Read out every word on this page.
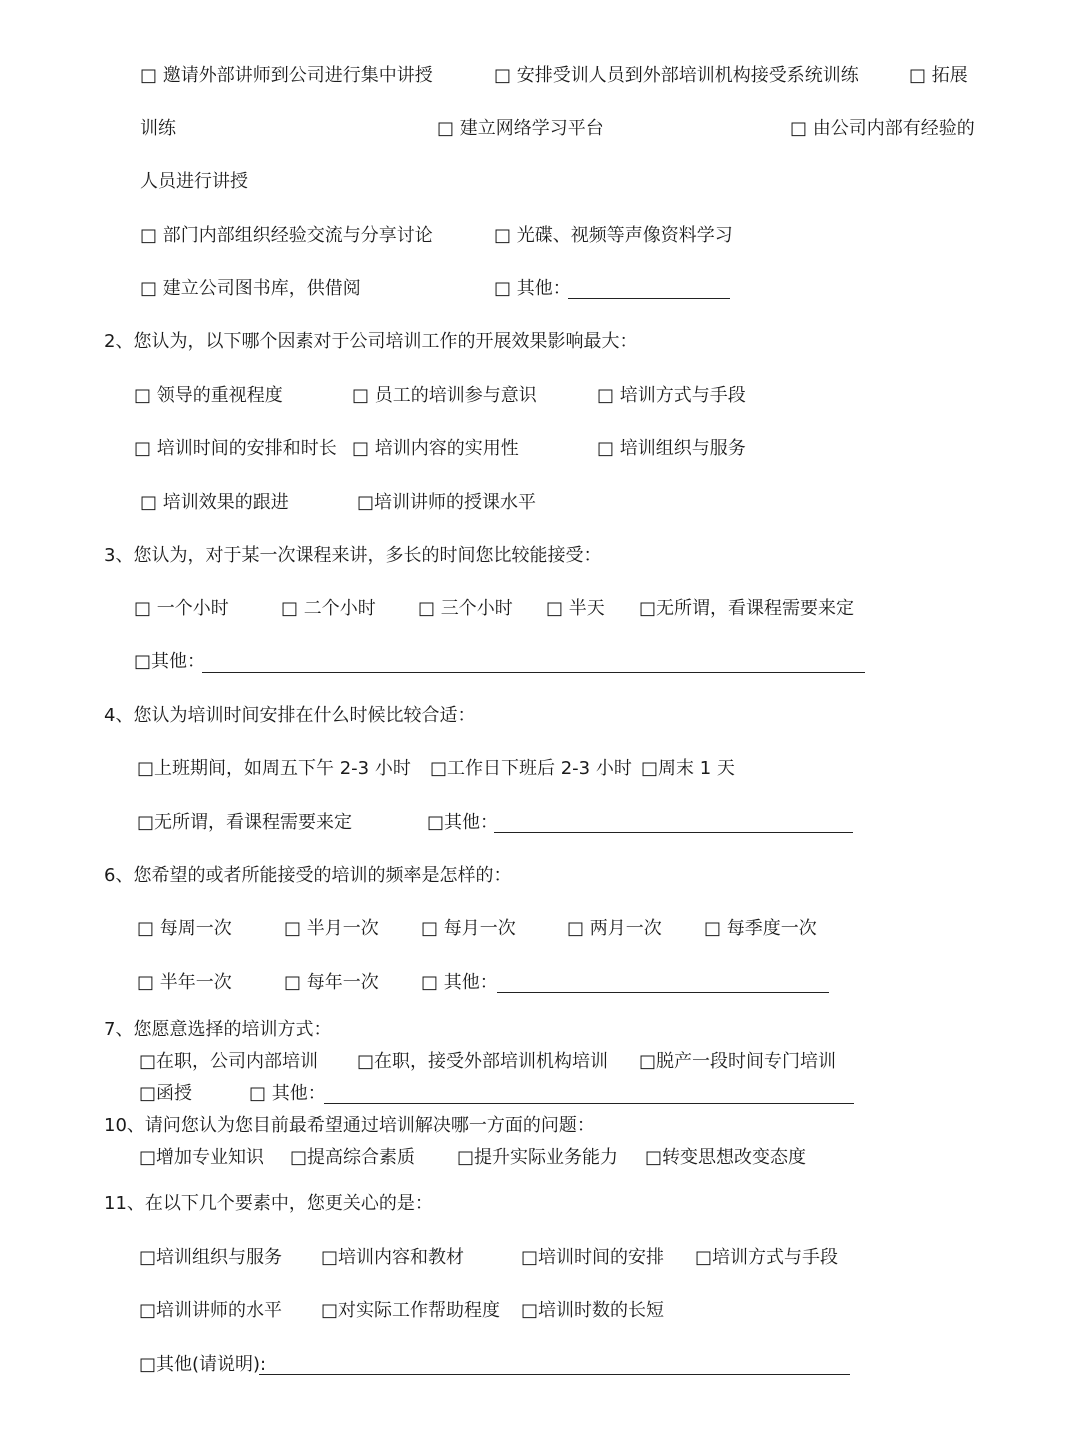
□ 邀请外部讲师到公司进行集中讲授	□ 安排受训人员到外部培训机构接受系统训练	□ 拓展
训练	□ 建立网络学习平台	□ 由公司内部有经验的
人员进行讲授
□ 部门内部组织经验交流与分享讨论	□ 光碟、视频等声像资料学习
□ 建立公司图书库，供借阅	□ 其他：
2、您认为，以下哪个因素对于公司培训工作的开展效果影响最大：
□ 领导的重视程度	□ 员工的培训参与意识	□ 培训方式与手段
□ 培训时间的安排和时长 □ 培训内容的实用性	□ 培训组织与服务
□ 培训效果的跟进	□培训讲师的授课水平
3、您认为，对于某一次课程来讲，多长的时间您比较能接受：
□ 一个小时	□ 二个小时 □ 三个小时 □ 半天 □无所谓，看课程需要来定
□其他：
4、您认为培训时间安排在什么时候比较合适：
□上班期间，如周五下午 2-3 小时 □工作日下班后 2-3 小时 □周末 1 天
□无所谓，看课程需要来定	□其他：
6、您希望的或者所能接受的培训的频率是怎样的：
□ 每周一次	□ 半月一次 □ 每月一次	□ 两月一次 □ 每季度一次
□ 半年一次	□ 每年一次 □ 其他：
7、您愿意选择的培训方式：
□在职，公司内部培训 □在职，接受外部培训机构培训 □脱产一段时间专门培训
□函授	□ 其他：
10、请问您认为您目前最希望通过培训解决哪一方面的问题：
□增加专业知识 □提高综合素质 □提升实际业务能力 □转变思想改变态度
11、在以下几个要素中，您更关心的是：
□培训组织与服务 □培训内容和教材	□培训时间的安排 □培训方式与手段
□培训讲师的水平 □对实际工作帮助程度 □培训时数的长短
□其他(请说明):
